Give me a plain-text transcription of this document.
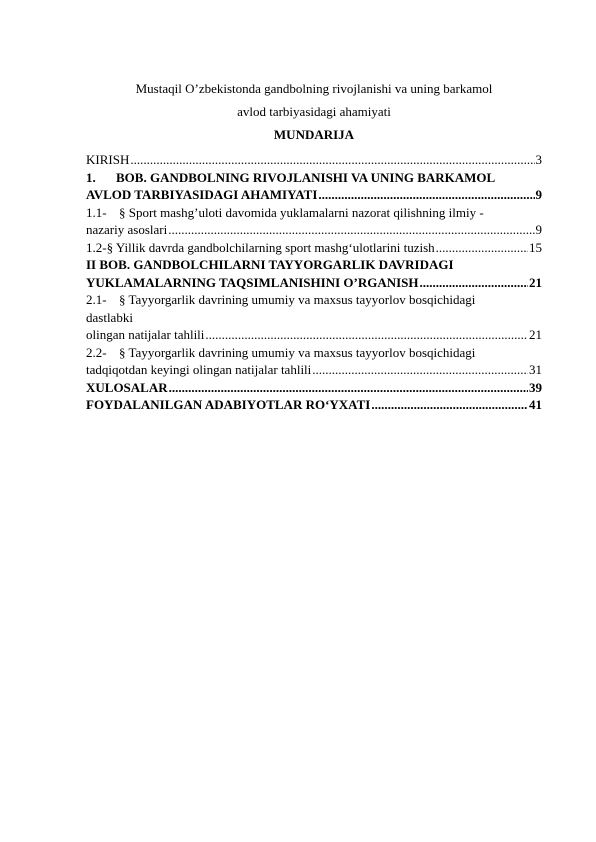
Mustaqil O’zbekistonda gandbolning rivojlanishi va uning barkamol
avlod tarbiyasidagi ahamiyati
MUNDARIJA
KIRISH .....	3
1. BOB. GANDBOLNING RIVOJLANISHI VA UNING BARKAMOL
AVLOD TARBIYASIDAGI AHAMIYATI .....	9
1.1- § Sport mashg’uloti davomida yuklamalarni nazorat qilishning ilmiy -
nazariy asoslari .....	9
1.2- § Yillik davrda gandbolchilarning sport mashg‘ulotlarini tuzish .....	15
II BOB. GANDBOLCHILARNI TAYYORGARLIK DAVRIDAGI
YUKLAMALARNING TAQSIMLANISHINI O’RGANISH .....	21
2.1- § Tayyorgarlik davrining umumiy va maxsus tayyorlov bosqichidagi
dastlabki
olingan natijalar tahlili .....	21
2.2- § Tayyorgarlik davrining umumiy va maxsus tayyorlov bosqichidagi
tadqiqotdan keyingi olingan natijalar tahlili .....	31
XULOSALAR .....	39
FOYDALANILGAN ADABIYOTLAR RO‘YXATI .....	41
